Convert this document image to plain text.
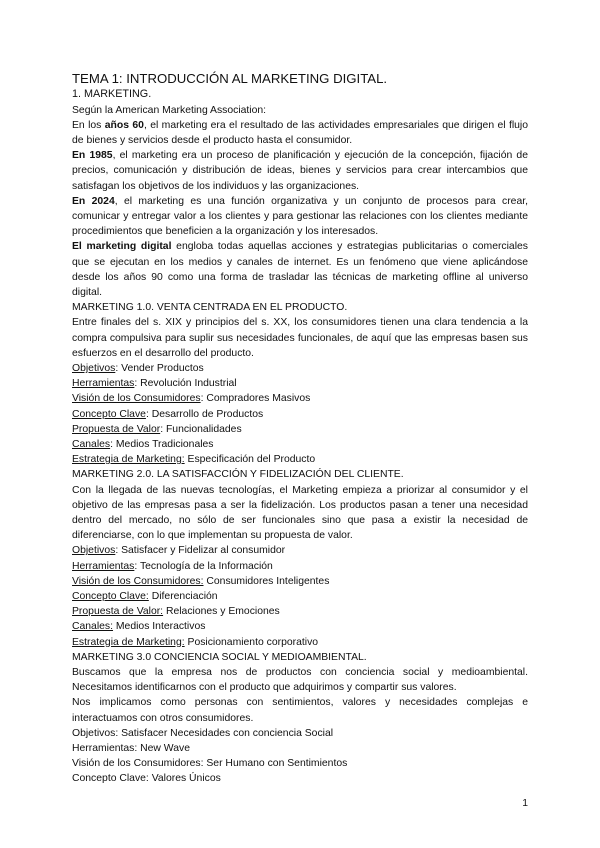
TEMA 1: INTRODUCCIÓN AL MARKETING DIGITAL.
1. MARKETING.

Según la American Marketing Association:

En los años 60, el marketing era el resultado de las actividades empresariales que dirigen el flujo de bienes y servicios desde el producto hasta el consumidor.

En 1985, el marketing era un proceso de planificación y ejecución de la concepción, fijación de precios, comunicación y distribución de ideas, bienes y servicios para crear intercambios que satisfagan los objetivos de los individuos y las organizaciones.

En 2024, el marketing es una función organizativa y un conjunto de procesos para crear, comunicar y entregar valor a los clientes y para gestionar las relaciones con los clientes mediante procedimientos que beneficien a la organización y los interesados.

El marketing digital engloba todas aquellas acciones y estrategias publicitarias o comerciales que se ejecutan en los medios y canales de internet. Es un fenómeno que viene aplicándose desde los años 90 como una forma de trasladar las técnicas de marketing offline al universo digital.

MARKETING 1.0. VENTA CENTRADA EN EL PRODUCTO.

Entre finales del s. XIX y principios del s. XX, los consumidores tienen una clara tendencia a la compra compulsiva para suplir sus necesidades funcionales, de aquí que las empresas basen sus esfuerzos en el desarrollo del producto.

Objetivos: Vender Productos

Herramientas: Revolución Industrial

Visión de los Consumidores: Compradores Masivos

Concepto Clave: Desarrollo de Productos

Propuesta de Valor: Funcionalidades

Canales: Medios Tradicionales

Estrategia de Marketing: Especificación del Producto

MARKETING 2.0. LA SATISFACCIÓN Y FIDELIZACIÓN DEL CLIENTE.

Con la llegada de las nuevas tecnologías, el Marketing empieza a priorizar al consumidor y el objetivo de las empresas pasa a ser la fidelización. Los productos pasan a tener una necesidad dentro del mercado, no sólo de ser funcionales sino que pasa a existir la necesidad de diferenciarse, con lo que implementan su propuesta de valor.

Objetivos: Satisfacer y Fidelizar al consumidor

Herramientas: Tecnología de la Información

Visión de los Consumidores: Consumidores Inteligentes

Concepto Clave: Diferenciación

Propuesta de Valor: Relaciones y Emociones

Canales: Medios Interactivos

Estrategia de Marketing: Posicionamiento corporativo

MARKETING 3.0 CONCIENCIA SOCIAL Y MEDIOAMBIENTAL.

Buscamos que la empresa nos de productos con conciencia social y medioambiental. Necesitamos identificarnos con el producto que adquirimos y compartir sus valores.

Nos implicamos como personas con sentimientos, valores y necesidades complejas e interactuamos con otros consumidores.

Objetivos: Satisfacer Necesidades con conciencia Social

Herramientas: New Wave

Visión de los Consumidores: Ser Humano con Sentimientos

Concepto Clave: Valores Únicos

1
